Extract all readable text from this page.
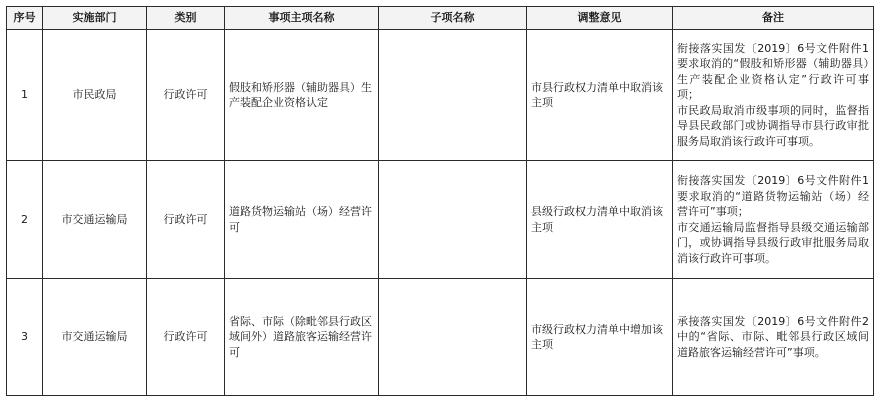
序号	实施部门	类别	事项主项名称	子项名称	调整意见	备注
1	市民政局	行政许可	假肢和矫形器（辅助器具）生产装配企业资格认定		市县行政权力清单中取消该主项	衔接落实国发〔2019〕6号文件附件1要求取消的“假肢和矫形器（辅助器具）生产装配企业资格认定”行政许可事项；
市民政局取消市级事项的同时，监督指导县民政部门或协调指导市县行政审批服务局取消该行政许可事项。

2	市交通运输局	行政许可	道路货物运输站（场）经营许可		县级行政权力清单中取消该主项	衔接落实国发〔2019〕6号文件附件1要求取消的“道路货物运输站（场）经营许可”事项；
市交通运输局监督指导县级交通运输部门，或协调指导县级行政审批服务局取消该行政许可事项。

3	市交通运输局	行政许可	省际、市际（除毗邻县行政区域间外）道路旅客运输经营许可		市级行政权力清单中增加该主项	承接落实国发〔2019〕6号文件附件2中的“省际、市际、毗邻县行政区域间道路旅客运输经营许可”事项。
